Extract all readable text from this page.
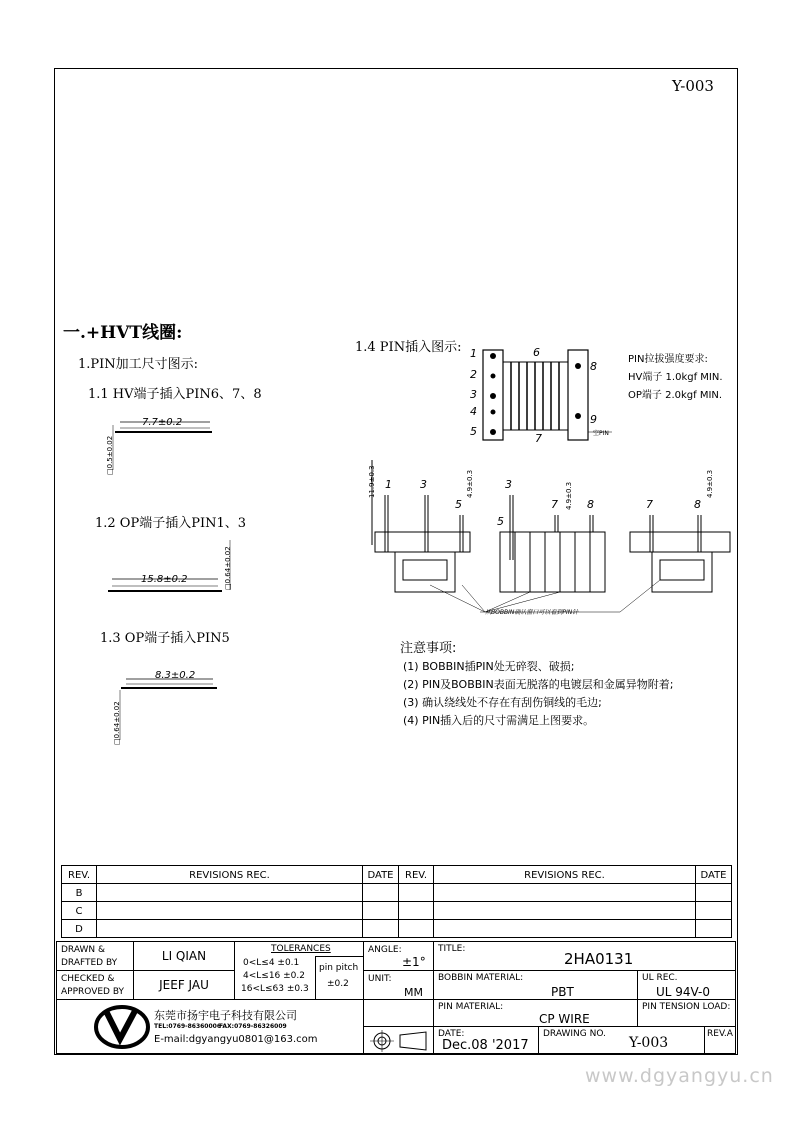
Y-003
一.+HVT线圈:
1.PIN加工尺寸图示:
1.1 HV端子插入PIN6、7、8
1.2 OP端子插入PIN1、3
1.3 OP端子插入PIN5
1.4 PIN插入图示:
7.7±0.2
□0.5±0.02
15.8±0.2	□0.64±0.02
8.3±0.2
□0.64±0.02
1
2
3
4
5
6
7
8
9
空PIN
1	3
5
3
5
7	8	7	8
11.9±0.3	4.9±0.3	4.9±0.3	4.9±0.3
从BOBBIN确认窗口可以看到PIN针
PIN拉拔强度要求:
HV端子 1.0kgf MIN.
OP端子 2.0kgf MIN.
注意事项:
(1) BOBBIN插PIN处无碎裂、破损;
(2) PIN及BOBBIN表面无脱落的电镀层和金属异物附着;
(3) 确认绕线处不存在有刮伤铜线的毛边;
(4) PIN插入后的尺寸需满足上图要求。
REV.	REVISIONS REC.	DATE	REV.	REVISIONS REC.	DATE
B
C
D
DRAWN &
DRAFTED BY	LI QIAN
CHECKED &
APPROVED BY	JEEF JAU
TOLERANCES
0<L≤4 ±0.1
4<L≤16 ±0.2
16<L≤63 ±0.3
pin pitch
±0.2
ANGLE:
±1°
UNIT:
MM
TITLE:
2HA0131
BOBBIN MATERIAL:
PBT
UL REC.
UL 94V-0
东莞市扬宇电子科技有限公司
TEL:0769-86360006
FAX:0769-86326009
E-mail:dgyangyu0801@163.com
PIN MATERIAL:
CP WIRE
PIN TENSION LOAD:
DATE:
Dec.08 '2017
DRAWING NO.
Y-003
REV.A
www.dgyangyu.cn
